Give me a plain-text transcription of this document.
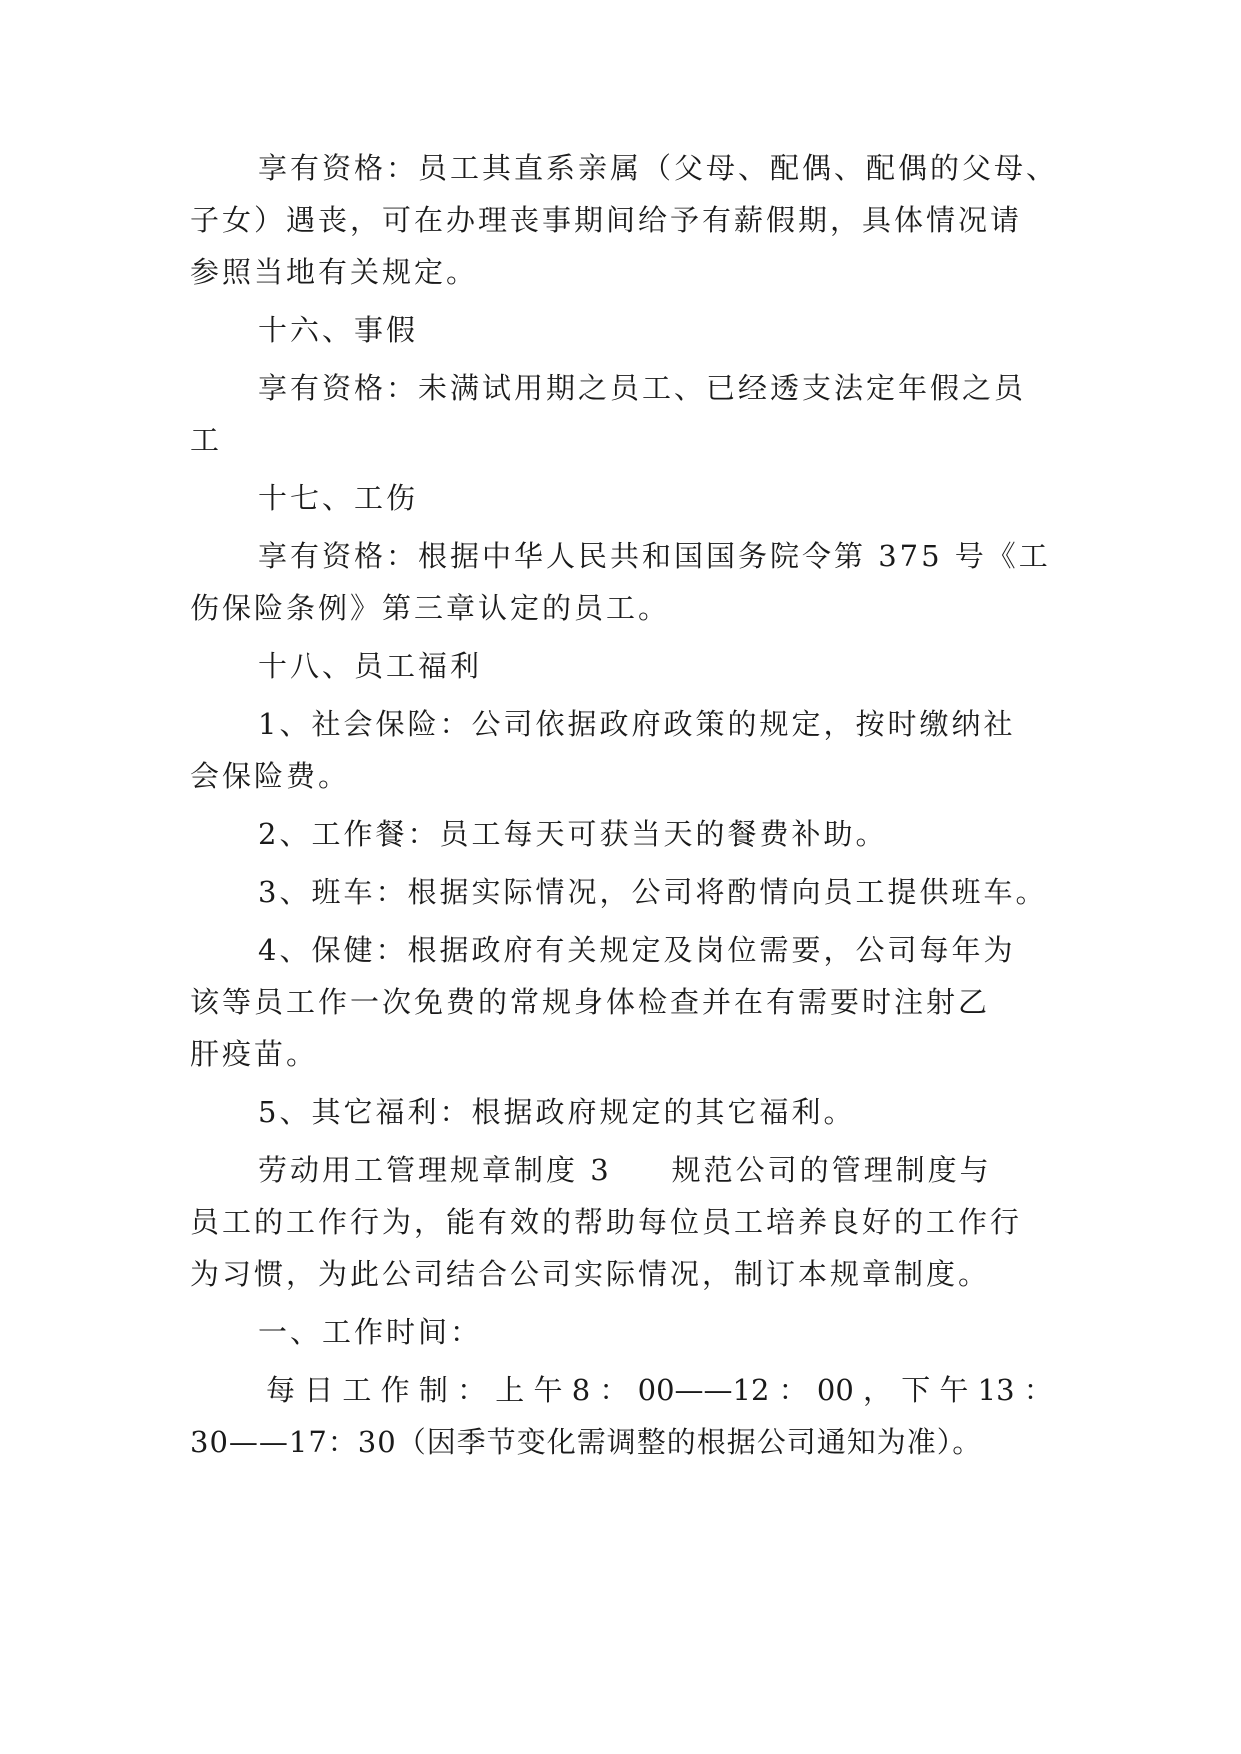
享有资格：员工其直系亲属（父母、配偶、配偶的父母、
子女）遇丧，可在办理丧事期间给予有薪假期，具体情况请
参照当地有关规定。
十六、事假
享有资格：未满试用期之员工、已经透支法定年假之员
工
十七、工伤
享有资格：根据中华人民共和国国务院令第 375 号《工
伤保险条例》第三章认定的员工。
十八、员工福利
1、社会保险：公司依据政府政策的规定，按时缴纳社
会保险费。
2、工作餐：员工每天可获当天的餐费补助。
3、班车：根据实际情况，公司将酌情向员工提供班车。
4、保健：根据政府有关规定及岗位需要，公司每年为
该等员工作一次免费的常规身体检查并在有需要时注射乙
肝疫苗。
5、其它福利：根据政府规定的其它福利。
劳动用工管理规章制度 3 规范公司的管理制度与
员工的工作行为，能有效的帮助每位员工培养良好的工作行
为习惯，为此公司结合公司实际情况，制订本规章制度。
一、工作时间：
每 日 工 作 制 ： 上 午 8 ： 00——12 ： 00 ， 下 午 13 ：
30——17：30（因季节变化需调整的根据公司通知为准）。
